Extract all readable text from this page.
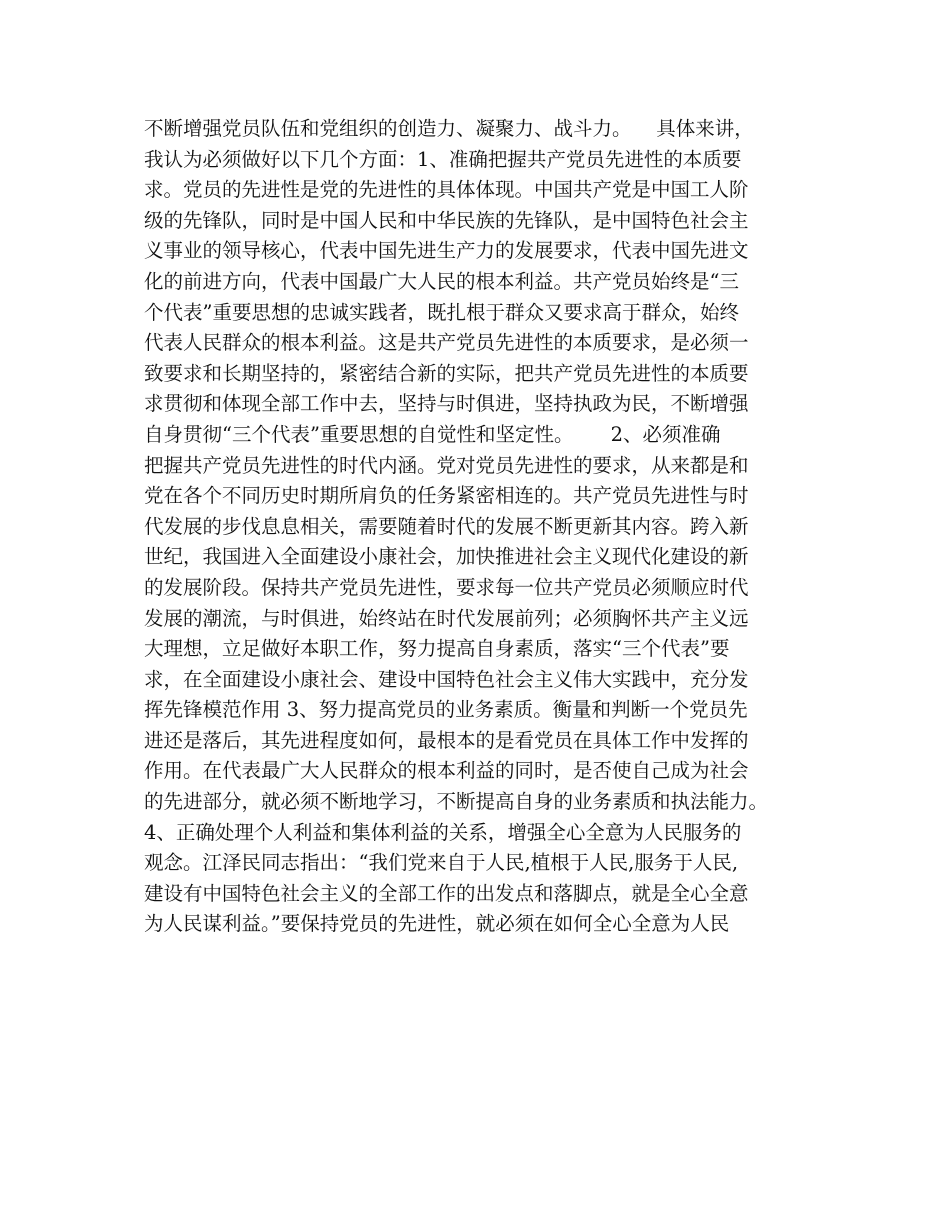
不断增强党员队伍和党组织的创造力、凝聚力、战斗力。    具体来讲，
我认为必须做好以下几个方面：1、准确把握共产党员先进性的本质要
求。党员的先进性是党的先进性的具体体现。中国共产党是中国工人阶
级的先锋队，同时是中国人民和中华民族的先锋队，是中国特色社会主
义事业的领导核心，代表中国先进生产力的发展要求，代表中国先进文
化的前进方向，代表中国最广大人民的根本利益。共产党员始终是“三
个代表”重要思想的忠诚实践者，既扎根于群众又要求高于群众，始终
代表人民群众的根本利益。这是共产党员先进性的本质要求，是必须一
致要求和长期坚持的，紧密结合新的实际，把共产党员先进性的本质要
求贯彻和体现全部工作中去，坚持与时俱进，坚持执政为民，不断增强
自身贯彻“三个代表”重要思想的自觉性和坚定性。      2、必须准确
把握共产党员先进性的时代内涵。党对党员先进性的要求，从来都是和
党在各个不同历史时期所肩负的任务紧密相连的。共产党员先进性与时
代发展的步伐息息相关，需要随着时代的发展不断更新其内容。跨入新
世纪，我国进入全面建设小康社会，加快推进社会主义现代化建设的新
的发展阶段。保持共产党员先进性，要求每一位共产党员必须顺应时代
发展的潮流，与时俱进，始终站在时代发展前列；必须胸怀共产主义远
大理想，立足做好本职工作，努力提高自身素质，落实“三个代表”要
求，在全面建设小康社会、建设中国特色社会主义伟大实践中，充分发
挥先锋模范作用 3、努力提高党员的业务素质。衡量和判断一个党员先
进还是落后，其先进程度如何，最根本的是看党员在具体工作中发挥的
作用。在代表最广大人民群众的根本利益的同时，是否使自己成为社会
的先进部分，就必须不断地学习，不断提高自身的业务素质和执法能力。
4、正确处理个人利益和集体利益的关系，增强全心全意为人民服务的
观念。江泽民同志指出：“我们党来自于人民,植根于人民,服务于人民,
建设有中国特色社会主义的全部工作的出发点和落脚点，就是全心全意
为人民谋利益。”要保持党员的先进性，就必须在如何全心全意为人民
